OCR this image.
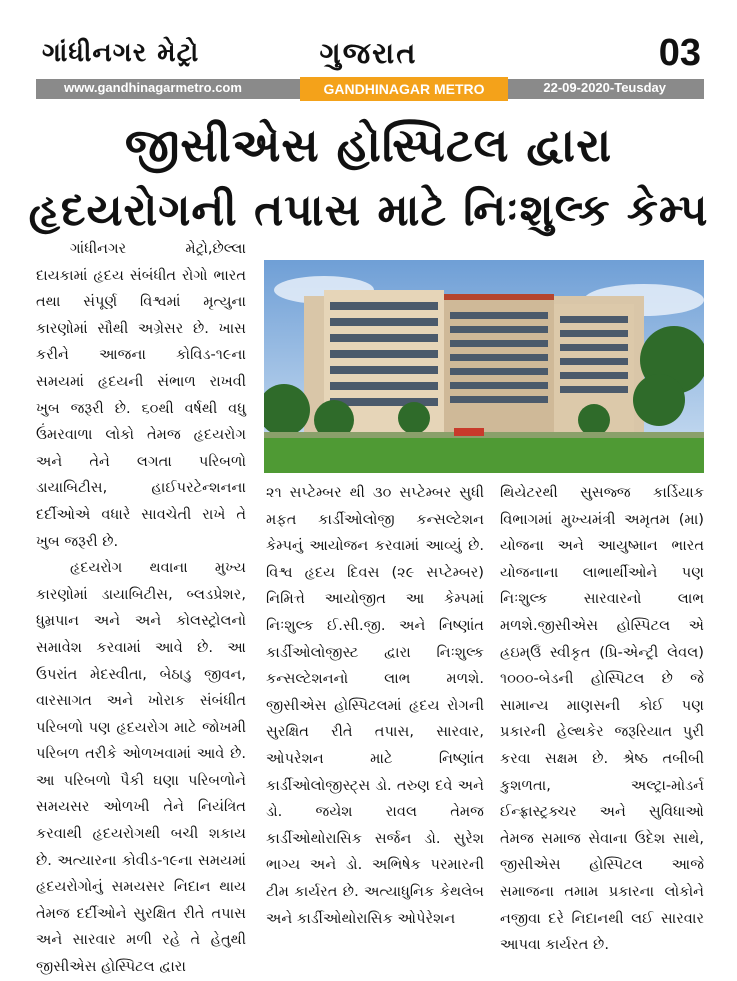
ગાંધીનગર મેટ્રો	ગુજરાત	03
www.gandhinagarmetro.com	GANDHINAGAR METRO	22-09-2020-Teusday
જીસીએસ હોસ્પિટલ દ્વારા
હૃદયરોગની તપાસ માટે નિઃશુલ્ક કેમ્પ

ગાંધીનગર મેટ્રો,છેલ્લા દાયકામાં હૃદય સંબંધીત રોગો ભારત તથા સંપૂર્ણ વિશ્વમાં મૃત્યુના કારણોમાં સૌથી અગ્રેસર છે. ખાસ કરીને આજના કોવિડ-૧૯ના સમયમાં હૃદયની સંભાળ રાખવી ખુબ જરૂરી છે. ૬૦થી વર્ષથી વધુ ઉંમરવાળા લોકો તેમજ હૃદયરોગ અને તેને લગતા પરિબળો ડાયાબિટીસ, હાઈપરટેન્શનના દર્દીઓએ વધારે સાવચેતી રાખે તે ખુબ જરૂરી છે.

હૃદયરોગ થવાના મુખ્ય કારણોમાં ડાયાબિટીસ, બ્લડપ્રેશર, ધુમ્રપાન અને અને કોલસ્ટ્રોલનો સમાવેશ કરવામાં આવે છે. આ ઉપરાંત મેદસ્વીતા, બેઠાડુ જીવન, વારસાગત અને ખોરાક સંબંધીત પરિબળો પણ હૃદયરોગ માટે જોખમી પરિબળ તરીકે ઓળખવામાં આવે છે. આ પરિબળો પૈકી ઘણા પરિબળોને સમયસર ઓળખી તેને નિયંત્રિત કરવાથી હૃદયરોગથી બચી શકાય છે. અત્યારના કોવીડ-૧૯ના સમયમાં હૃદયરોગોનું સમયસર નિદાન થાય તેમજ દર્દીઓને સુરક્ષિત રીતે તપાસ અને સારવાર મળી રહે તે હેતુથી જીસીએસ હોસ્પિટલ દ્વારા

૨૧ સપ્ટેમ્બર થી ૩૦ સપ્ટેમ્બર સુધી મફત કાર્ડીઓલોજી કન્સલ્ટેશન કેમ્પનું આયોજન કરવામાં આવ્યું છે. વિશ્વ હૃદય દિવસ (૨૯ સપ્ટેમ્બર) નિમિત્તે આયોજીત આ કેમ્પમાં નિઃશુલ્ક ઈ.સી.જી. અને નિષ્ણાંત કાર્ડીઓલોજીસ્ટ દ્વારા નિઃશુલ્ક કન્સલ્ટેશનનો લાભ મળશે. જીસીએસ હોસ્પિટલમાં હૃદય રોગની સુરક્ષિત રીતે તપાસ, સારવાર, ઓપરેશન માટે નિષ્ણાંત કાર્ડીઓલોજીસ્ટ્સ ડો. તરુણ દવે અને ડો. જયેશ રાવલ તેમજ કાર્ડીઓથોરાસિક સર્જન ડો. સુરેશ ભાગ્ય અને ડો. અભિષેક પરમારની ટીમ કાર્યરત છે. અત્યાધુનિક કેથલેબ અને કાર્ડીઓથોરાસિક ઓપેરેશન

થિયેટરથી સુસજ્જ કાર્ડિયાક વિભાગમાં મુખ્યમંત્રી અમૃતમ (મા) યોજના અને આયુષ્માન ભારત યોજનાના લાભાર્થીઓને પણ નિઃશુલ્ક સારવારનો લાભ મળશે.જીસીએસ હોસ્પિટલ એ હ્રઇમ્ઉઁ સ્વીકૃત (પ્રિ-એન્ટ્રી લેવલ) ૧૦૦૦-બેડની હોસ્પિટલ છે જે સામાન્ય માણસની કોઈ પણ પ્રકારની હેલ્થકેર જરૂરિયાત પુરી કરવા સક્ષમ છે. શ્રેષ્ઠ તબીબી કુશળતા, અલ્ટ્રા-મોડર્ન ઈન્ફ્રાસ્ટ્રક્ચર અને સુવિધાઓ તેમજ સમાજ સેવાના ઉદેશ સાથે, જીસીએસ હોસ્પિટલ આજે સમાજના તમામ પ્રકારના લોકોને નજીવા દરે નિદાનથી લઈ સારવાર આપવા કાર્યરત છે.
